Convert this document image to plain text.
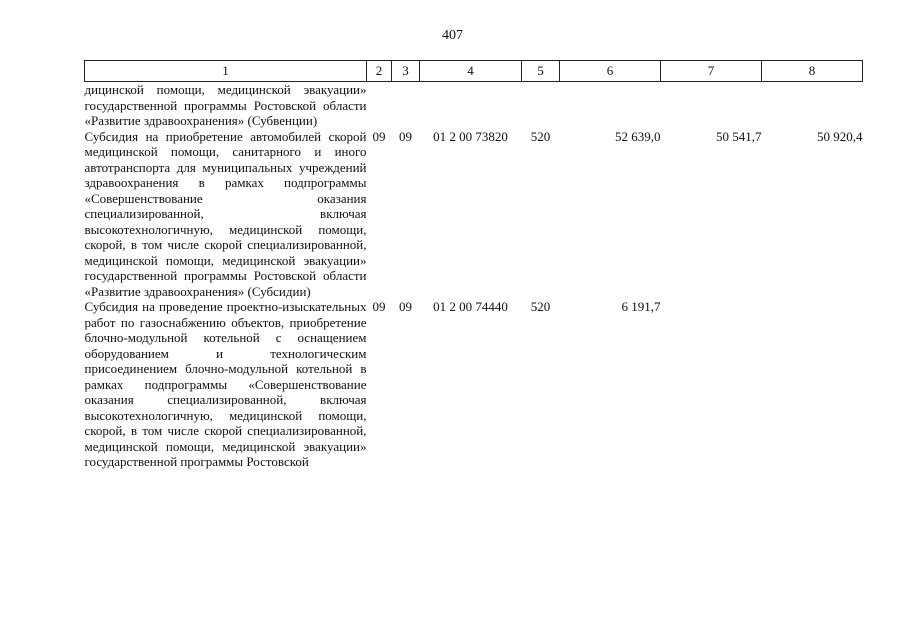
407
1	2	3	4	5	6	7	8
дицинской помощи, медицинской эвакуации» государственной программы Ростовской области «Развитие здравоохранения» (Субвенции)							
Субсидия на приобретение автомобилей скорой медицинской помощи, санитарного и иного автотранспорта для муниципальных учреждений здравоохранения в рамках подпрограммы «Совершенствование оказания специализированной, включая высокотехнологичную, медицинской помощи, скорой, в том числе скорой специализированной, медицинской помощи, медицинской эвакуации» государственной программы Ростовской области «Развитие здравоохранения» (Субсидии)	09	09	01 2 00 73820	520	52 639,0	50 541,7	50 920,4
Субсидия на проведение проектно-изыскательных работ по газоснабжению объектов, приобретение блочно-модульной котельной с оснащением оборудованием и технологическим присоединением блочно-модульной котельной в рамках подпрограммы «Совершенствование оказания специализированной, включая высокотехнологичную, медицинской помощи, скорой, в том числе скорой специализированной, медицинской помощи, медицинской эвакуации» государственной программы Ростовской	09	09	01 2 00 74440	520	6 191,7		
